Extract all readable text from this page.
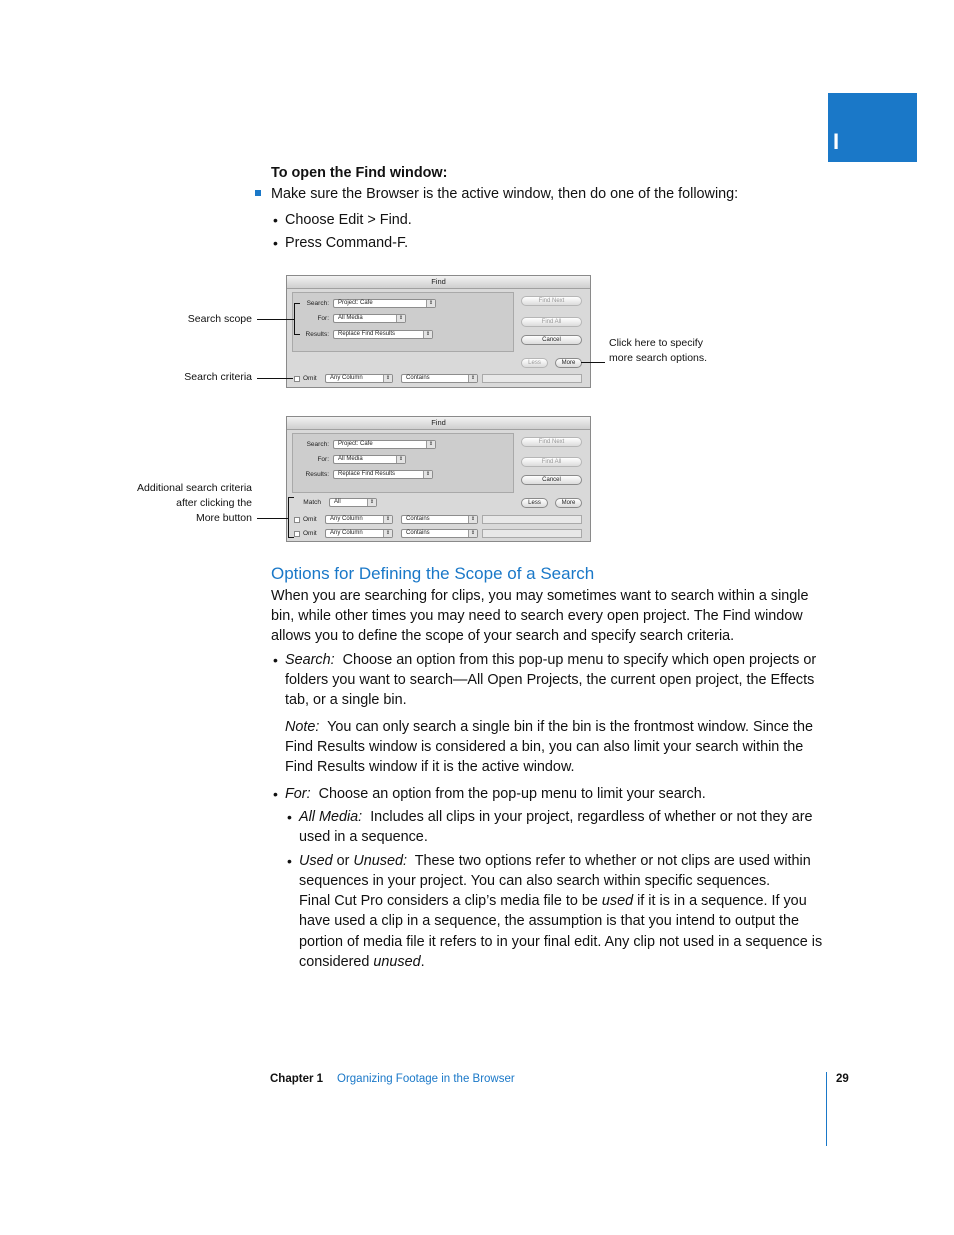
I
To open the Find window:
Make sure the Browser is the active window, then do one of the following:
• Choose Edit > Find.
• Press Command-F.
Find
Search:	Project: Cafe	⇕
For:	All Media	⇕
Results:	Replace Find Results	⇕
Find Next
Find All
Cancel
Less	More
Omit	Any Column	⇕	Contains	⇕
Search scope
Search criteria
Click here to specify
more search options.
Find
Search:	Project: Cafe	⇕
For:	All Media	⇕
Results:	Replace Find Results	⇕
Find Next
Find All
Cancel
Match	All	⇕	Less	More
Omit	Any Column	⇕	Contains	⇕
Omit	Any Column	⇕	Contains	⇕
Additional search criteria
after clicking the
More button
Options for Defining the Scope of a Search
When you are searching for clips, you may sometimes want to search within a single
bin, while other times you may need to search every open project. The Find window
allows you to define the scope of your search and specify search criteria.
• Search: Choose an option from this pop-up menu to specify which open projects or
folders you want to search—All Open Projects, the current open project, the Effects
tab, or a single bin.
Note: You can only search a single bin if the bin is the frontmost window. Since the
Find Results window is considered a bin, you can also limit your search within the
Find Results window if it is the active window.
• For: Choose an option from the pop-up menu to limit your search.
• All Media: Includes all clips in your project, regardless of whether or not they are
used in a sequence.
• Used or Unused: These two options refer to whether or not clips are used within
sequences in your project. You can also search within specific sequences.
Final Cut Pro considers a clip’s media file to be used if it is in a sequence. If you
have used a clip in a sequence, the assumption is that you intend to output the
portion of media file it refers to in your final edit. Any clip not used in a sequence is
considered unused.
Chapter 1 Organizing Footage in the Browser	29
